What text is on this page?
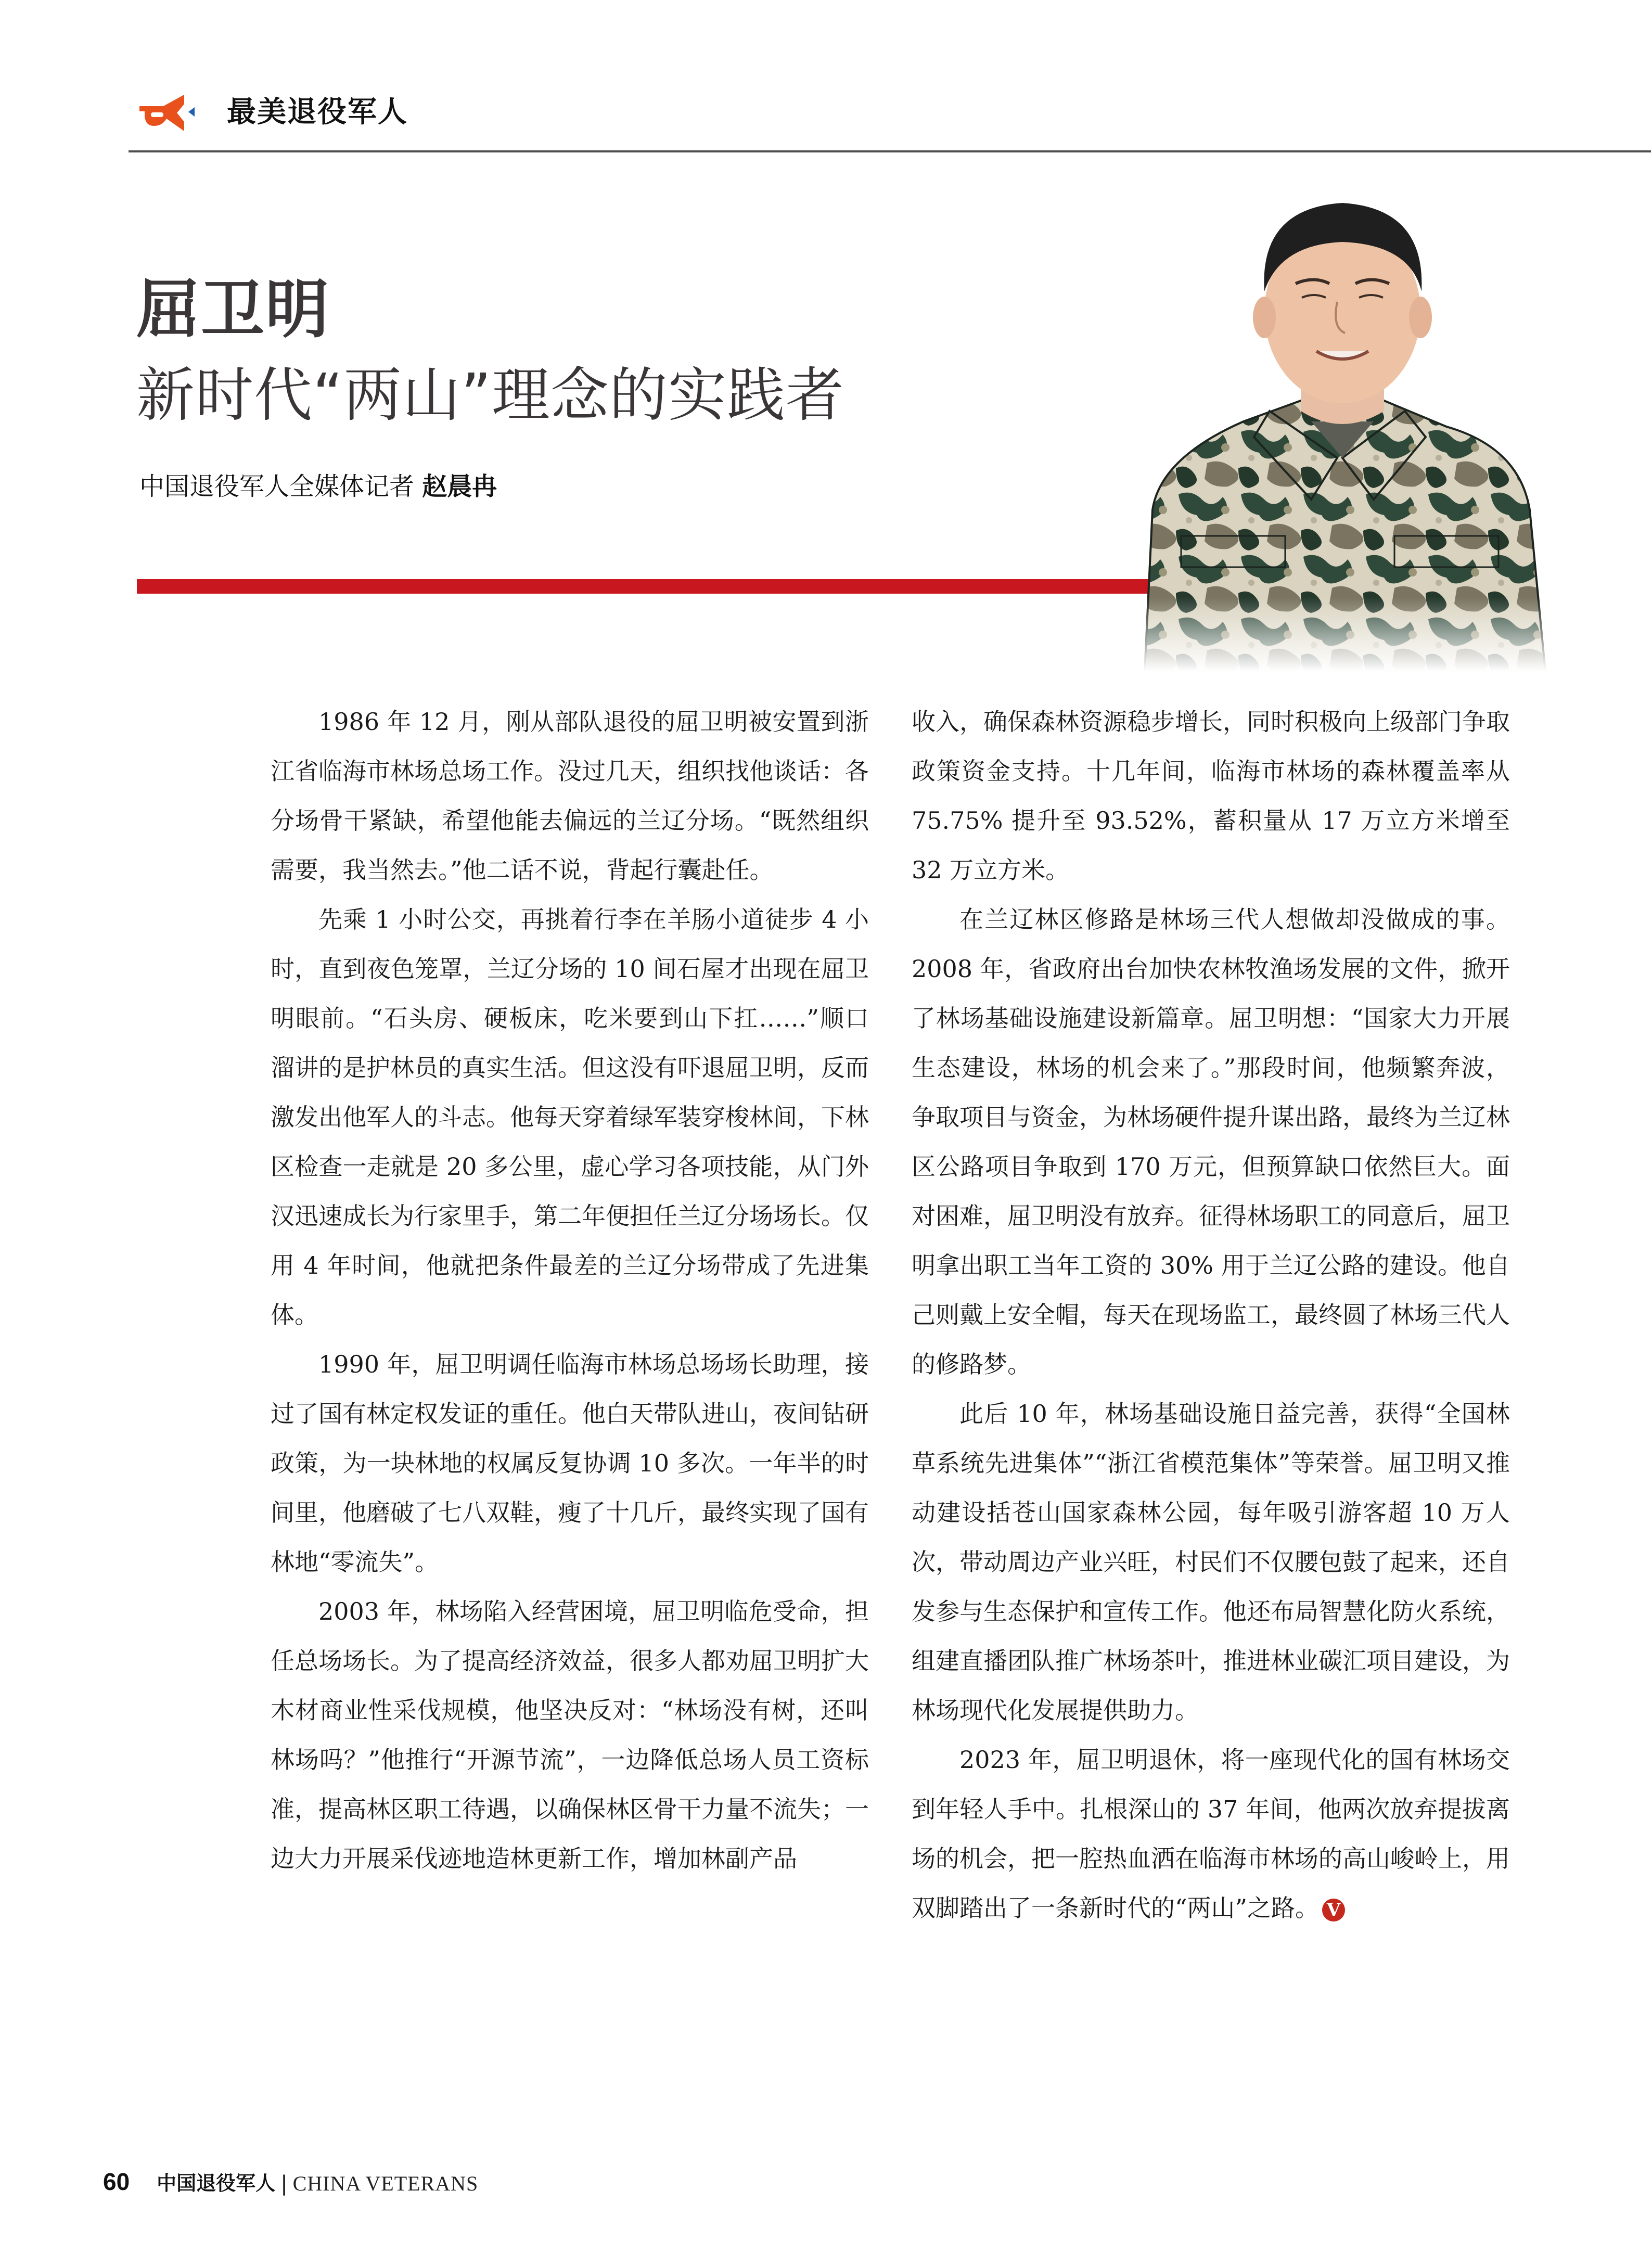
最美退役军人
屈卫明
新时代“两山”理念的实践者
中国退役军人全媒体记者 赵晨冉

1986 年 12 月，刚从部队退役的屈卫明被安置到浙江省临海市林场总场工作。没过几天，组织找他谈话：各分场骨干紧缺，希望他能去偏远的兰辽分场。“既然组织需要，我当然去。”他二话不说，背起行囊赴任。

先乘 1 小时公交，再挑着行李在羊肠小道徒步 4 小时，直到夜色笼罩，兰辽分场的 10 间石屋才出现在屈卫明眼前。“石头房、硬板床，吃米要到山下扛……”顺口溜讲的是护林员的真实生活。但这没有吓退屈卫明，反而激发出他军人的斗志。他每天穿着绿军装穿梭林间，下林区检查一走就是 20 多公里，虚心学习各项技能，从门外汉迅速成长为行家里手，第二年便担任兰辽分场场长。仅用 4 年时间，他就把条件最差的兰辽分场带成了先进集体。

1990 年，屈卫明调任临海市林场总场场长助理，接过了国有林定权发证的重任。他白天带队进山，夜间钻研政策，为一块林地的权属反复协调 10 多次。一年半的时间里，他磨破了七八双鞋，瘦了十几斤，最终实现了国有林地“零流失”。

2003 年，林场陷入经营困境，屈卫明临危受命，担任总场场长。为了提高经济效益，很多人都劝屈卫明扩大木材商业性采伐规模，他坚决反对：“林场没有树，还叫林场吗？”他推行“开源节流”，一边降低总场人员工资标准，提高林区职工待遇，以确保林区骨干力量不流失；一边大力开展采伐迹地造林更新工作，增加林副产品

收入，确保森林资源稳步增长，同时积极向上级部门争取政策资金支持。十几年间，临海市林场的森林覆盖率从 75.75% 提升至 93.52%，蓄积量从 17 万立方米增至 32 万立方米。

在兰辽林区修路是林场三代人想做却没做成的事。2008 年，省政府出台加快农林牧渔场发展的文件，掀开了林场基础设施建设新篇章。屈卫明想：“国家大力开展生态建设，林场的机会来了。”那段时间，他频繁奔波，争取项目与资金，为林场硬件提升谋出路，最终为兰辽林区公路项目争取到 170 万元，但预算缺口依然巨大。面对困难，屈卫明没有放弃。征得林场职工的同意后，屈卫明拿出职工当年工资的 30% 用于兰辽公路的建设。他自己则戴上安全帽，每天在现场监工，最终圆了林场三代人的修路梦。

此后 10 年，林场基础设施日益完善，获得“全国林草系统先进集体”“浙江省模范集体”等荣誉。屈卫明又推动建设括苍山国家森林公园，每年吸引游客超 10 万人次，带动周边产业兴旺，村民们不仅腰包鼓了起来，还自发参与生态保护和宣传工作。他还布局智慧化防火系统，组建直播团队推广林场茶叶，推进林业碳汇项目建设，为林场现代化发展提供助力。

2023 年，屈卫明退休，将一座现代化的国有林场交到年轻人手中。扎根深山的 37 年间，他两次放弃提拔离场的机会，把一腔热血洒在临海市林场的高山峻岭上，用双脚踏出了一条新时代的“两山”之路。 V

60 中国退役军人 | CHINA VETERANS
